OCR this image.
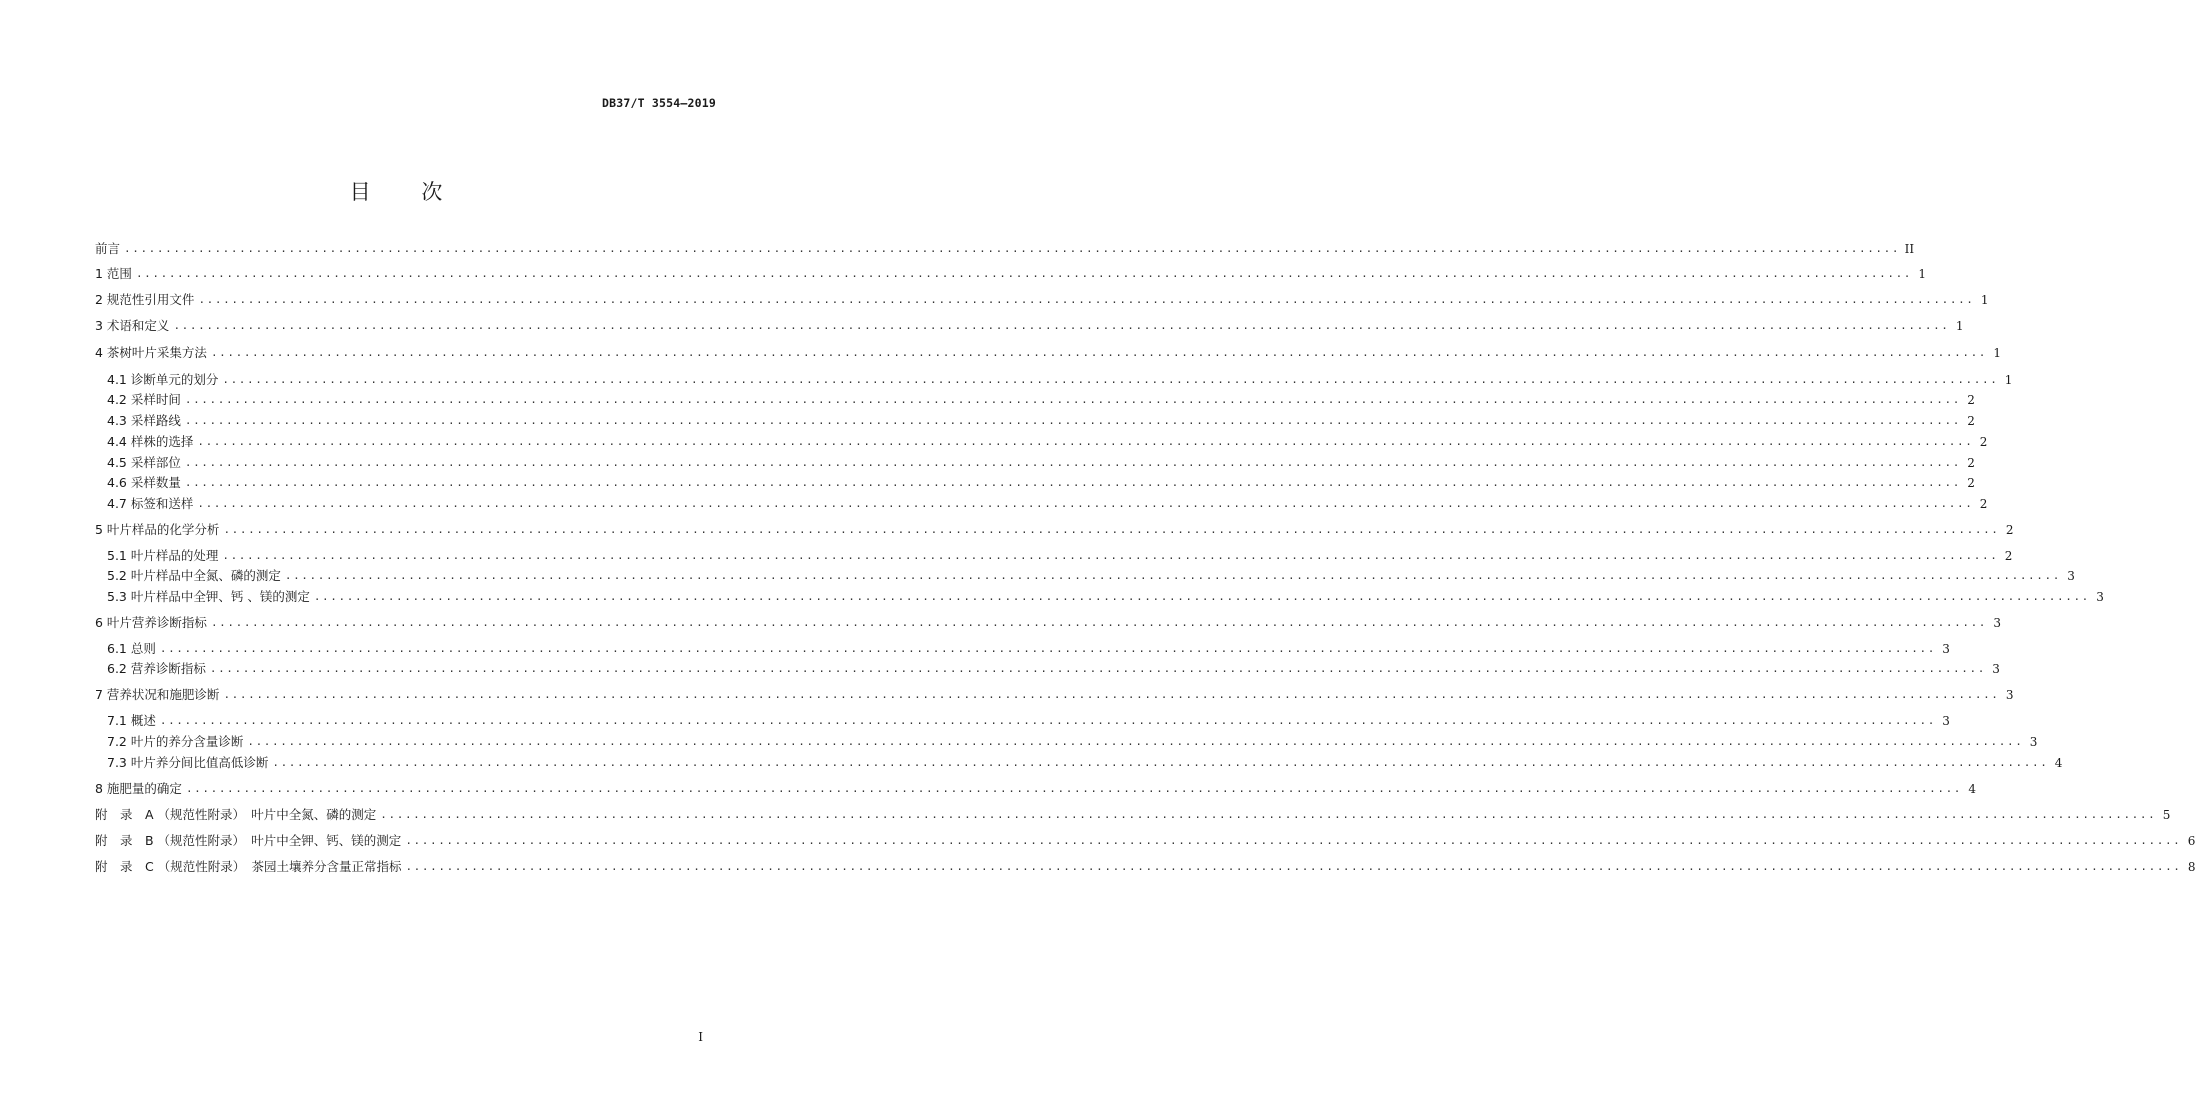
DB37/T 3554—2019
目 次
前言 ........................................................................................................................................................................................................................ II
1 范围 ........................................................................................................................................................................................................................ 1
2 规范性引用文件 ........................................................................................................................................................................................................................ 1
3 术语和定义 ........................................................................................................................................................................................................................ 1
4 茶树叶片采集方法 ........................................................................................................................................................................................................................ 1
4.1 诊断单元的划分 ........................................................................................................................................................................................................................ 1
4.2 采样时间 ........................................................................................................................................................................................................................ 2
4.3 采样路线 ........................................................................................................................................................................................................................ 2
4.4 样株的选择 ........................................................................................................................................................................................................................ 2
4.5 采样部位 ........................................................................................................................................................................................................................ 2
4.6 采样数量 ........................................................................................................................................................................................................................ 2
4.7 标签和送样 ........................................................................................................................................................................................................................ 2
5 叶片样品的化学分析 ........................................................................................................................................................................................................................ 2
5.1 叶片样品的处理 ........................................................................................................................................................................................................................ 2
5.2 叶片样品中全氮、磷的测定 ........................................................................................................................................................................................................................ 3
5.3 叶片样品中全钾、钙 、镁的测定 ........................................................................................................................................................................................................................ 3
6 叶片营养诊断指标 ........................................................................................................................................................................................................................ 3
6.1 总则 ........................................................................................................................................................................................................................ 3
6.2 营养诊断指标 ........................................................................................................................................................................................................................ 3
7 营养状况和施肥诊断 ........................................................................................................................................................................................................................ 3
7.1 概述 ........................................................................................................................................................................................................................ 3
7.2 叶片的养分含量诊断 ........................................................................................................................................................................................................................ 3
7.3 叶片养分间比值高低诊断 ........................................................................................................................................................................................................................ 4
8 施肥量的确定 ........................................................................................................................................................................................................................ 4
附　录　A （规范性附录）　叶片中全氮、磷的测定 ........................................................................................................................................................................................................................ 5
附　录　B （规范性附录）　叶片中全钾、钙、镁的测定 ........................................................................................................................................................................................................................ 6
附　录　C （规范性附录）　茶园土壤养分含量正常指标 ........................................................................................................................................................................................................................ 8
I
